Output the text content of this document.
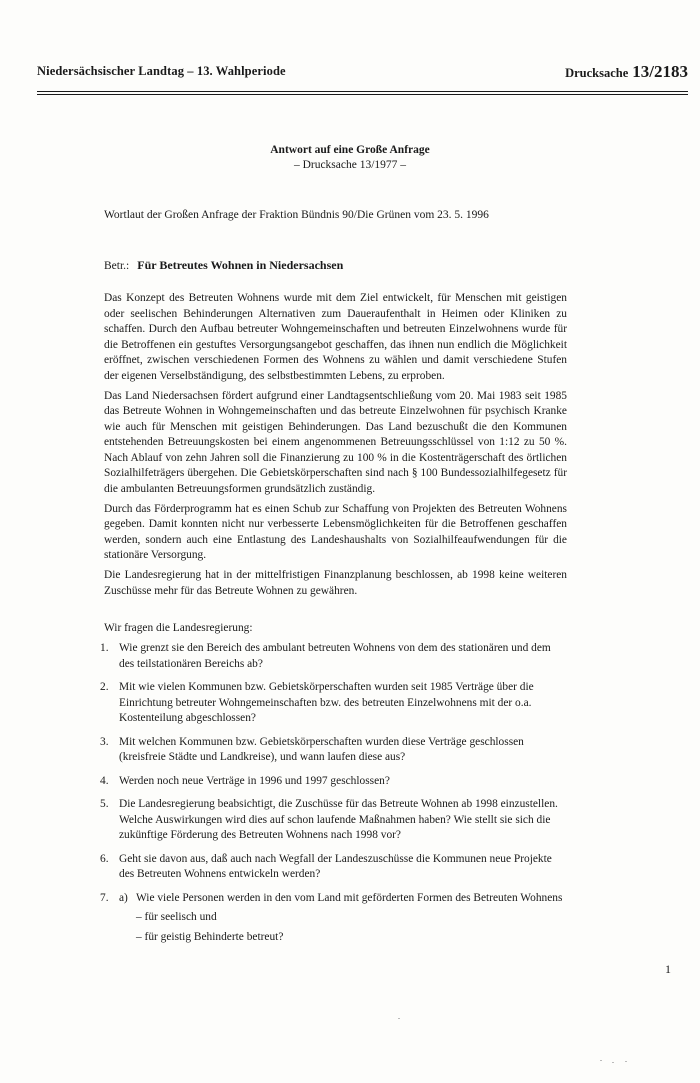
Niedersächsischer Landtag – 13. Wahlperiode	Drucksache 13/2183
Antwort auf eine Große Anfrage
– Drucksache 13/1977 –
Wortlaut der Großen Anfrage der Fraktion Bündnis 90/Die Grünen vom 23. 5. 1996
Betr.: Für Betreutes Wohnen in Niedersachsen

Das Konzept des Betreuten Wohnens wurde mit dem Ziel entwickelt, für Menschen mit geistigen oder seelischen Behinderungen Alternativen zum Daueraufenthalt in Heimen oder Kliniken zu schaffen. Durch den Aufbau betreuter Wohngemeinschaften und betreuten Einzelwohnens wurde für die Betroffenen ein gestuftes Versorgungsangebot geschaffen, das ihnen nun endlich die Möglichkeit eröffnet, zwischen verschiedenen Formen des Wohnens zu wählen und damit verschiedene Stufen der eigenen Verselbständigung, des selbstbestimmten Lebens, zu erproben.

Das Land Niedersachsen fördert aufgrund einer Landtagsentschließung vom 20. Mai 1983 seit 1985 das Betreute Wohnen in Wohngemeinschaften und das betreute Einzelwohnen für psychisch Kranke wie auch für Menschen mit geistigen Behinderungen. Das Land bezuschußt die den Kommunen entstehenden Betreuungskosten bei einem angenommenen Betreuungsschlüssel von 1:12 zu 50 %. Nach Ablauf von zehn Jahren soll die Finanzierung zu 100 % in die Kostenträgerschaft des örtlichen Sozialhilfeträgers übergehen. Die Gebietskörperschaften sind nach § 100 Bundessozialhilfegesetz für die ambulanten Betreuungsformen grundsätzlich zuständig.

Durch das Förderprogramm hat es einen Schub zur Schaffung von Projekten des Betreuten Wohnens gegeben. Damit konnten nicht nur verbesserte Lebensmöglichkeiten für die Betroffenen geschaffen werden, sondern auch eine Entlastung des Landeshaushalts von Sozialhilfeaufwendungen für die stationäre Versorgung.

Die Landesregierung hat in der mittelfristigen Finanzplanung beschlossen, ab 1998 keine weiteren Zuschüsse mehr für das Betreute Wohnen zu gewähren.

Wir fragen die Landesregierung:
1. Wie grenzt sie den Bereich des ambulant betreuten Wohnens von dem des stationären und dem des teilstationären Bereichs ab?
2. Mit wie vielen Kommunen bzw. Gebietskörperschaften wurden seit 1985 Verträge über die Einrichtung betreuter Wohngemeinschaften bzw. des betreuten Einzelwohnens mit der o.a. Kostenteilung abgeschlossen?
3. Mit welchen Kommunen bzw. Gebietskörperschaften wurden diese Verträge geschlossen (kreisfreie Städte und Landkreise), und wann laufen diese aus?
4. Werden noch neue Verträge in 1996 und 1997 geschlossen?
5. Die Landesregierung beabsichtigt, die Zuschüsse für das Betreute Wohnen ab 1998 einzustellen. Welche Auswirkungen wird dies auf schon laufende Maßnahmen haben? Wie stellt sie sich die zukünftige Förderung des Betreuten Wohnens nach 1998 vor?
6. Geht sie davon aus, daß auch nach Wegfall der Landeszuschüsse die Kommunen neue Projekte des Betreuten Wohnens entwickeln werden?
7. a) Wie viele Personen werden in den vom Land mit geförderten Formen des Betreuten Wohnens
– für seelisch und
– für geistig Behinderte betreut?
1
